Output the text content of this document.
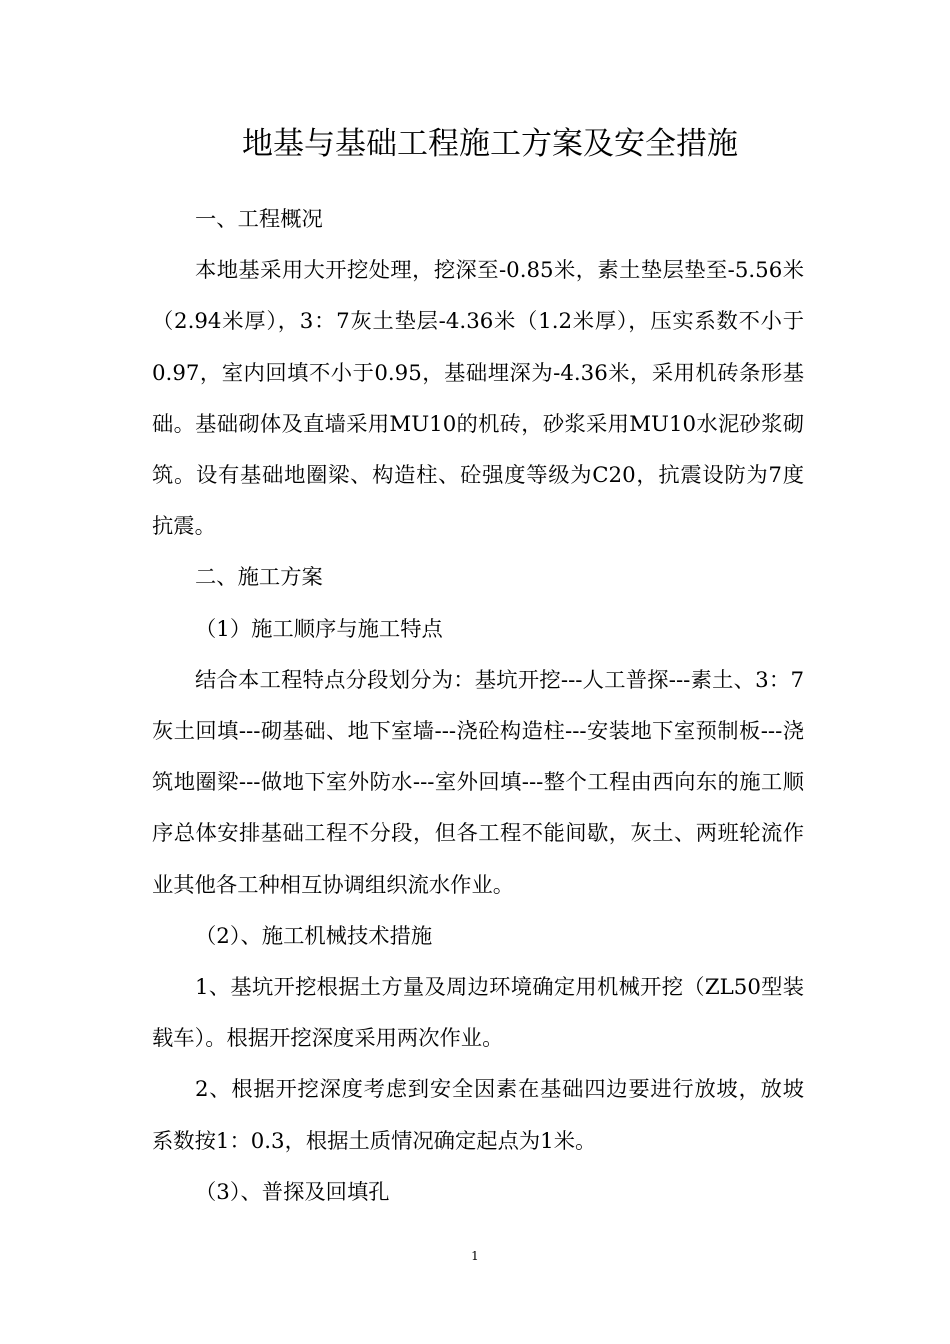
地基与基础工程施工方案及安全措施

一、工程概况

本地基采用大开挖处理，挖深至-0.85米，素土垫层垫至-5.56米（2.94米厚），3：7灰土垫层-4.36米（1.2米厚），压实系数不小于0.97，室内回填不小于0.95，基础埋深为-4.36米，采用机砖条形基础。基础砌体及直墙采用MU10的机砖，砂浆采用MU10水泥砂浆砌筑。设有基础地圈梁、构造柱、砼强度等级为C20，抗震设防为7度抗震。

二、施工方案

（1）施工顺序与施工特点

结合本工程特点分段划分为：基坑开挖---人工普探---素土、3：7灰土回填---砌基础、地下室墙---浇砼构造柱---安装地下室预制板---浇筑地圈梁---做地下室外防水---室外回填---整个工程由西向东的施工顺序总体安排基础工程不分段，但各工程不能间歇，灰土、两班轮流作业其他各工种相互协调组织流水作业。

（2）、施工机械技术措施

1、基坑开挖根据土方量及周边环境确定用机械开挖（ZL50型装载车）。根据开挖深度采用两次作业。

2、根据开挖深度考虑到安全因素在基础四边要进行放坡，放坡系数按1：0.3，根据土质情况确定起点为1米。

（3）、普探及回填孔

1
